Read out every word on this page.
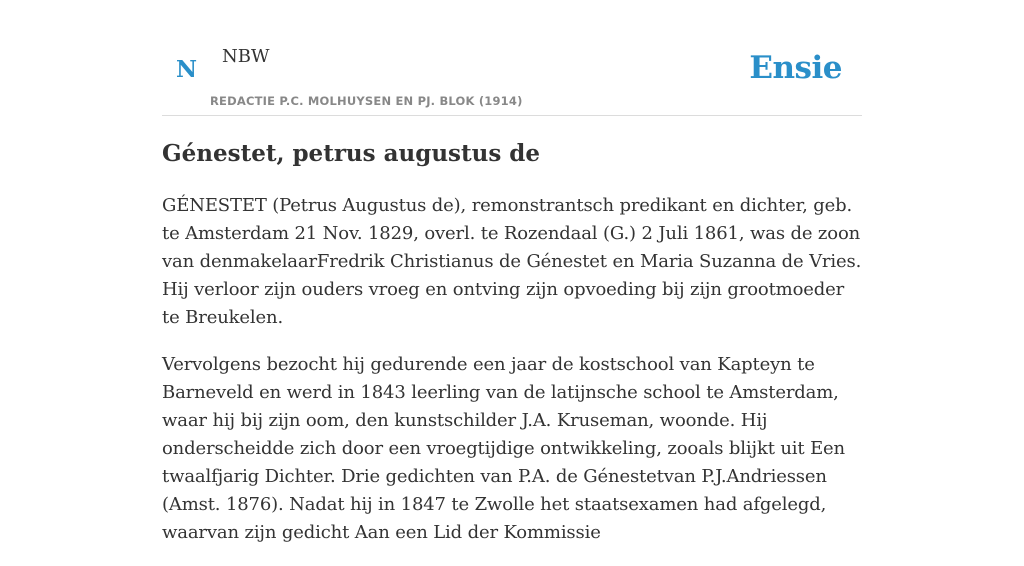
N NBW
REDACTIE P.C. MOLHUYSEN EN PJ. BLOK (1914)
Ensie
Génestet, petrus augustus de

GÉNESTET (Petrus Augustus de), remonstrantsch predikant en dichter, geb. te Amsterdam 21 Nov. 1829, overl. te Rozendaal (G.) 2 Juli 1861, was de zoon van denmakelaarFredrik Christianus de Génestet en Maria Suzanna de Vries. Hij verloor zijn ouders vroeg en ontving zijn opvoeding bij zijn grootmoeder te Breukelen.

Vervolgens bezocht hij gedurende een jaar de kostschool van Kapteyn te Barneveld en werd in 1843 leerling van de latijnsche school te Amsterdam, waar hij bij zijn oom, den kunstschilder J.A. Kruseman, woonde. Hij onderscheidde zich door een vroegtijdige ontwikkeling, zooals blijkt uit Een twaalfjarig Dichter. Drie gedichten van P.A. de Génestetvan P.J.Andriessen (Amst. 1876). Nadat hij in 1847 te Zwolle het staatsexamen had afgelegd, waarvan zijn gedicht Aan een Lid der Kommissie
